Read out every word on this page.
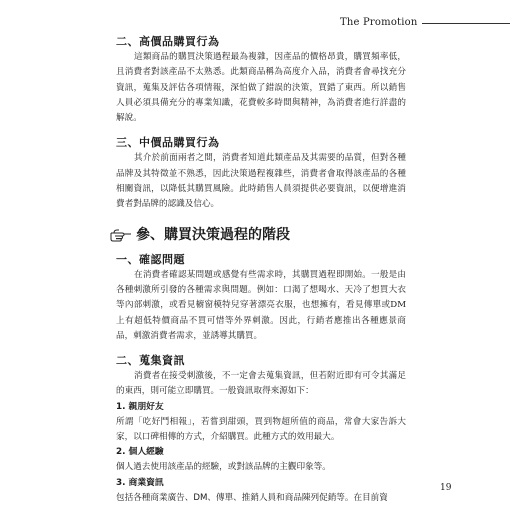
The Promotion
二、高價品購買行為

這類商品的購買決策過程最為複雜，因產品的價格昂貴，購買頻率低，且消費者對該產品不太熟悉。此類商品稱為高度介入品，消費者會尋找充分資訊，蒐集及評估各項情報，深怕做了錯誤的決策，買錯了東西。所以銷售人員必須具備充分的專業知識，花費較多時間與精神，為消費者進行詳盡的解說。

三、中價品購買行為

其介於前面兩者之間，消費者知道此類產品及其需要的品質，但對各種品牌及其特徵並不熟悉，因此決策過程複雜些，消費者會取得該產品的各種相關資訊，以降低其購買風險。此時銷售人員須提供必要資訊，以便增進消費者對品牌的認識及信心。

參、購買決策過程的階段
一、確認問題

在消費者確認某問題或感覺有些需求時，其購買過程即開始。一般是由各種刺激所引發的各種需求與問題。例如：口渴了想喝水、天冷了想買大衣等內部刺激，或看見櫥窗模特兒穿著漂亮衣服，也想擁有，看見傳單或DM上有超低特價商品不買可惜等外界刺激。因此，行銷者應推出各種應景商品，刺激消費者需求，並誘導其購買。

二、蒐集資訊

消費者在接受刺激後，不一定會去蒐集資訊，但若附近即有可令其滿足的東西，則可能立即購買。一般資訊取得來源如下：

1. 親朋好友

所謂「吃好鬥相報」，若嘗到甜頭，買到物超所值的商品，常會大家告訴大家，以口碑相傳的方式，介紹購買。此種方式的效用最大。

2. 個人經驗

個人過去使用該產品的經驗，或對該品牌的主觀印象等。

3. 商業資訊

包括各種商業廣告、DM、傳單、推銷人員和商品陳列促銷等。在目前資

19
